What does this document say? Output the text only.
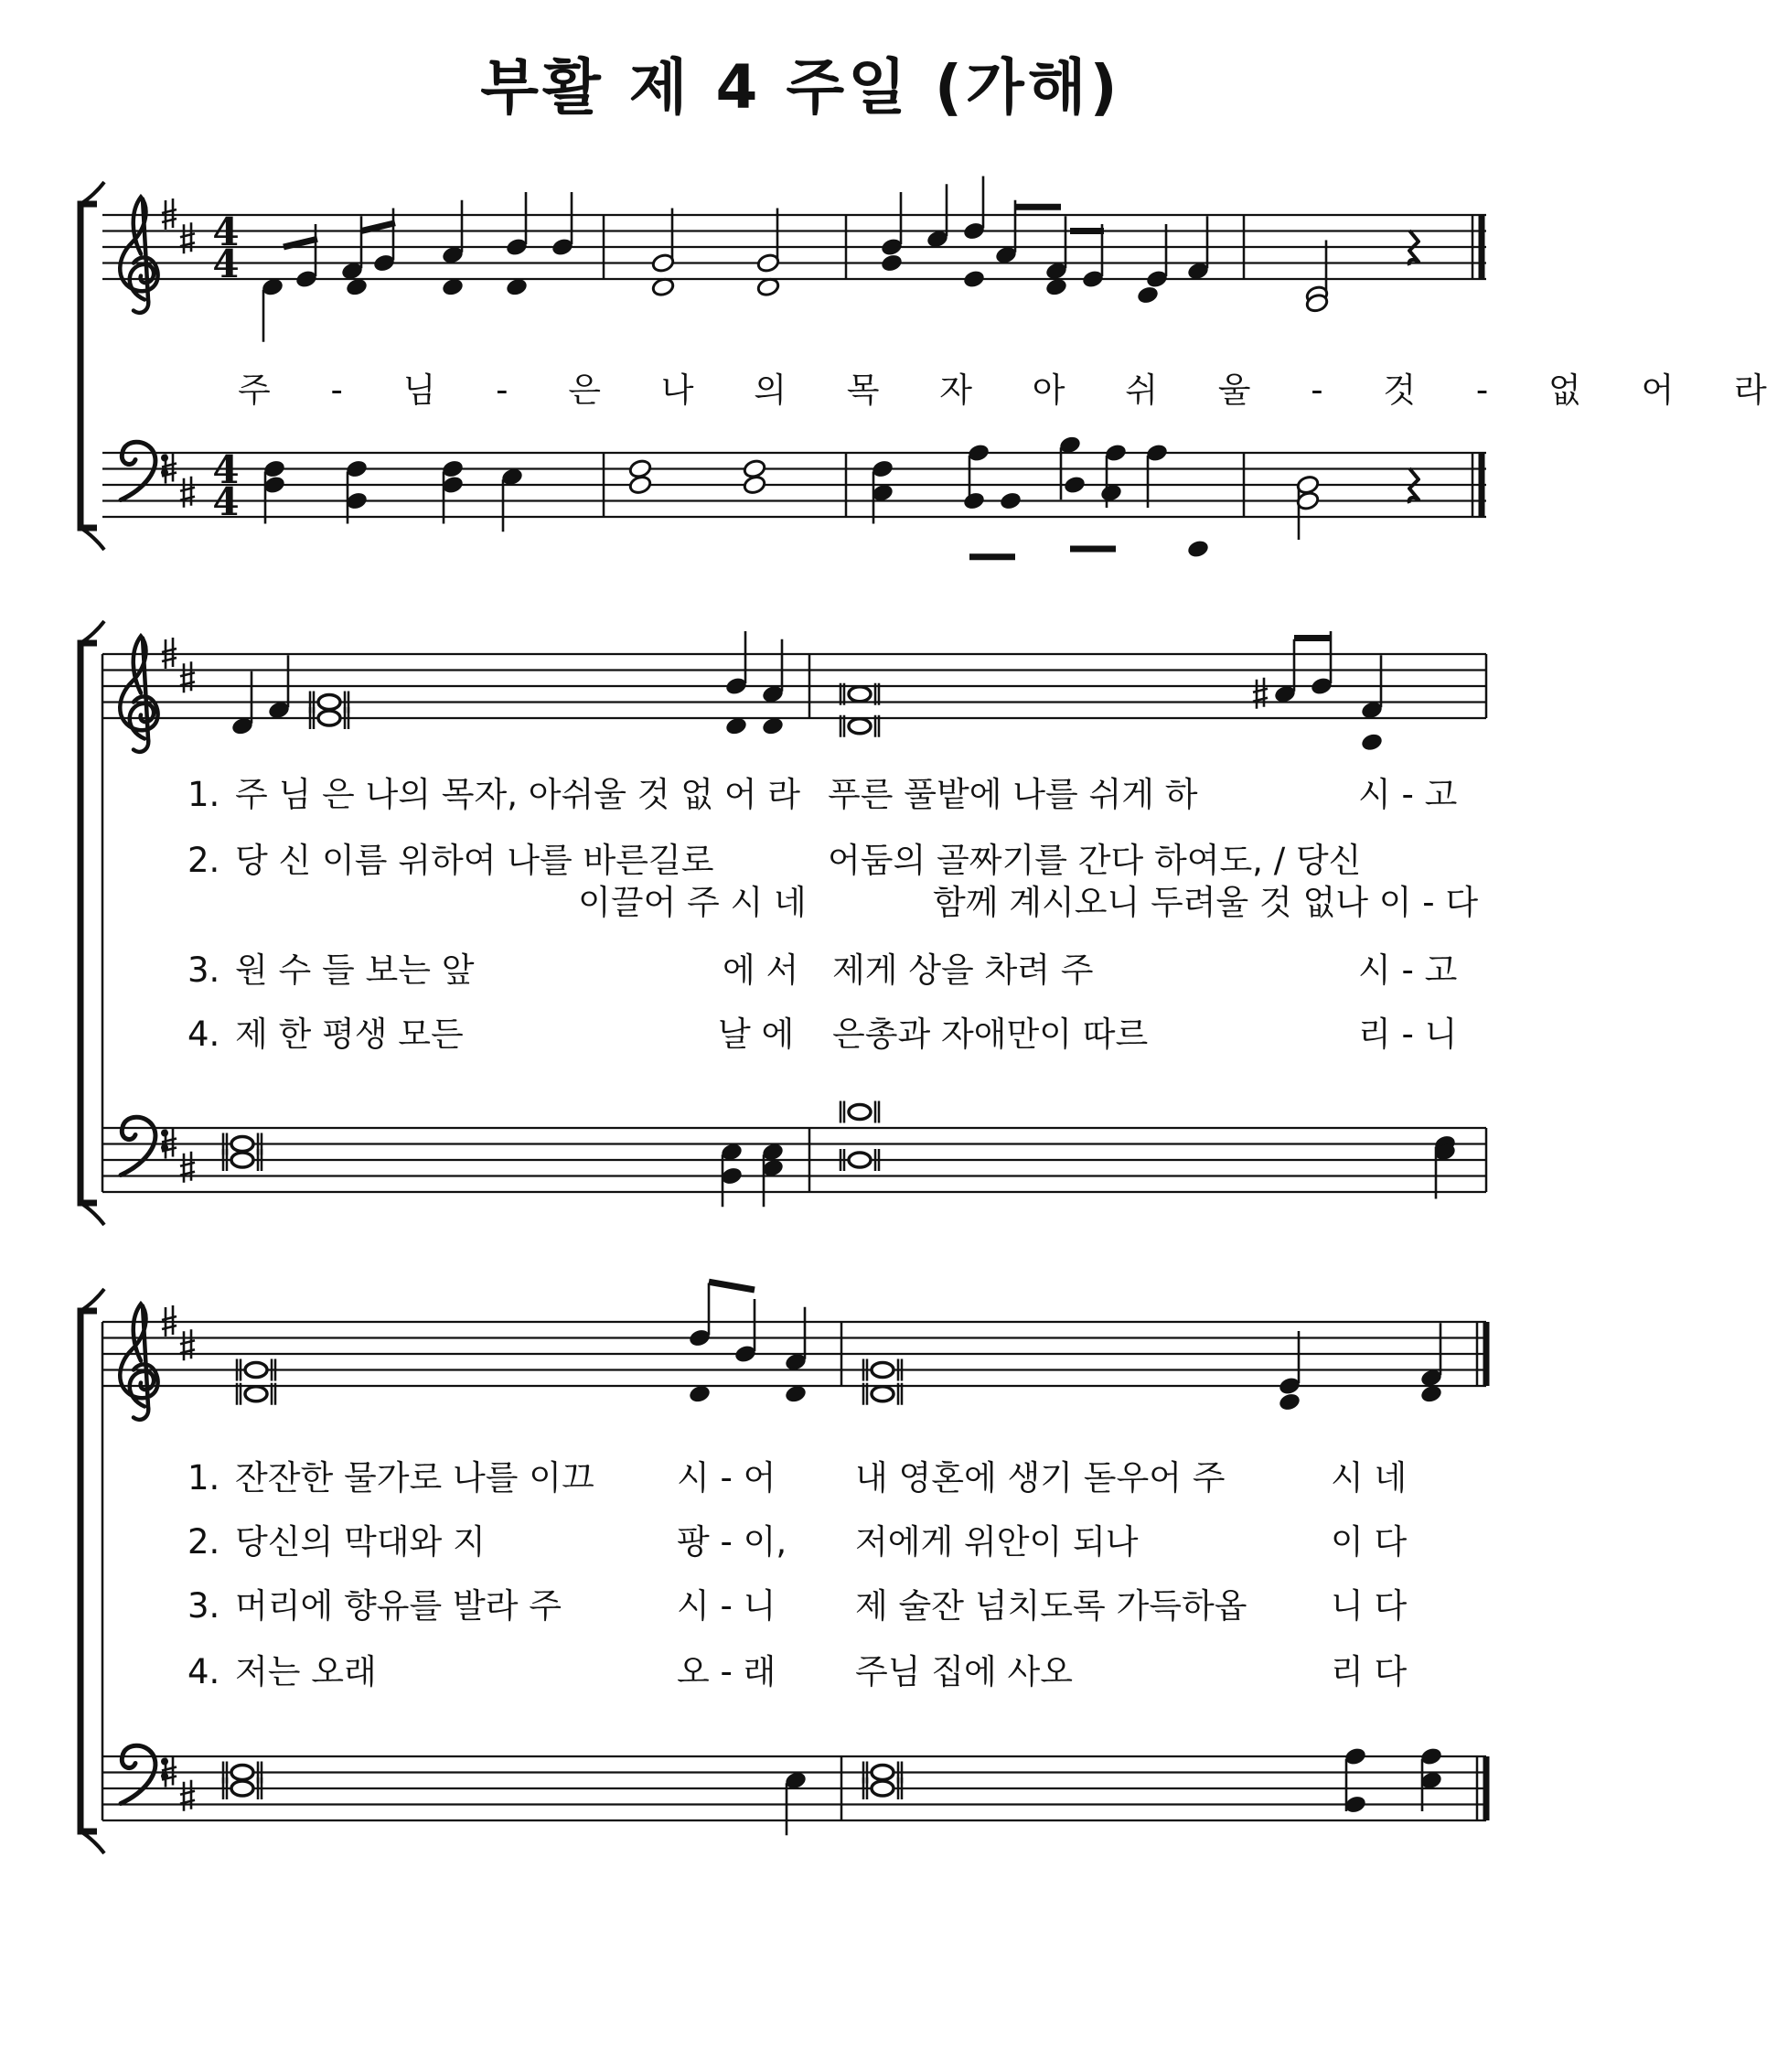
부활 제 4 주일 (가해)
4
4
4
4
주 - 님 - 은 나 의 목 자 아 쉬 울 - 것 - 없 어 라
1. 주 님 은 나의 목자, 아쉬울 것 없 어 라 푸른 풀밭에 나를 쉬게 하	시 - 고
2. 당 신 이름 위하여 나를 바른길로	어둠의 골짜기를 간다 하여도, / 당신
이끌어 주 시 네	함께 계시오니 두려울 것 없나 이 - 다
3. 원 수 들 보는 앞	에 서 제게 상을 차려 주	시 - 고
4. 제 한 평생 모든	날 에 은총과 자애만이 따르	리 - 니
1. 잔잔한 물가로 나를 이끄 시 - 어 내 영혼에 생기 돋우어 주	시 네
2. 당신의 막대와 지	팡 - 이, 저에게 위안이 되나	이 다
3. 머리에 향유를 발라 주	시 - 니 제 술잔 넘치도록 가득하옵 니 다
4. 저는 오래	오 - 래 주님 집에 사오	리 다
